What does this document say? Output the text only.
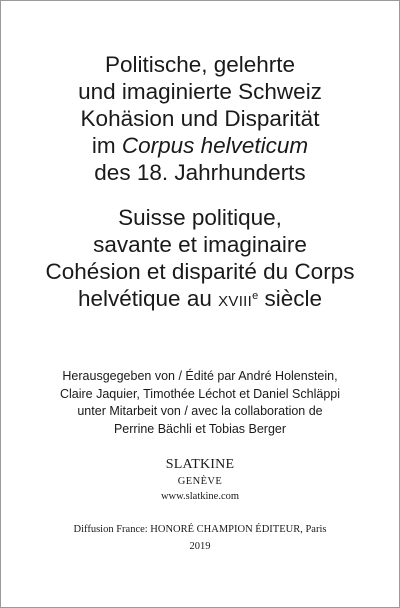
Politische, gelehrte
und imaginierte Schweiz
Kohäsion und Disparität
im Corpus helveticum
des 18. Jahrhunderts
Suisse politique,
savante et imaginaire
Cohésion et disparité du Corps
helvétique au XVIIIe siècle
Herausgegeben von / Édité par André Holenstein,
Claire Jaquier, Timothée Léchot et Daniel Schläppi
unter Mitarbeit von / avec la collaboration de
Perrine Bächli et Tobias Berger
SLATKINE
GENÈVE
www.slatkine.com
Diffusion France: HONORÉ CHAMPION ÉDITEUR, Paris
2019
